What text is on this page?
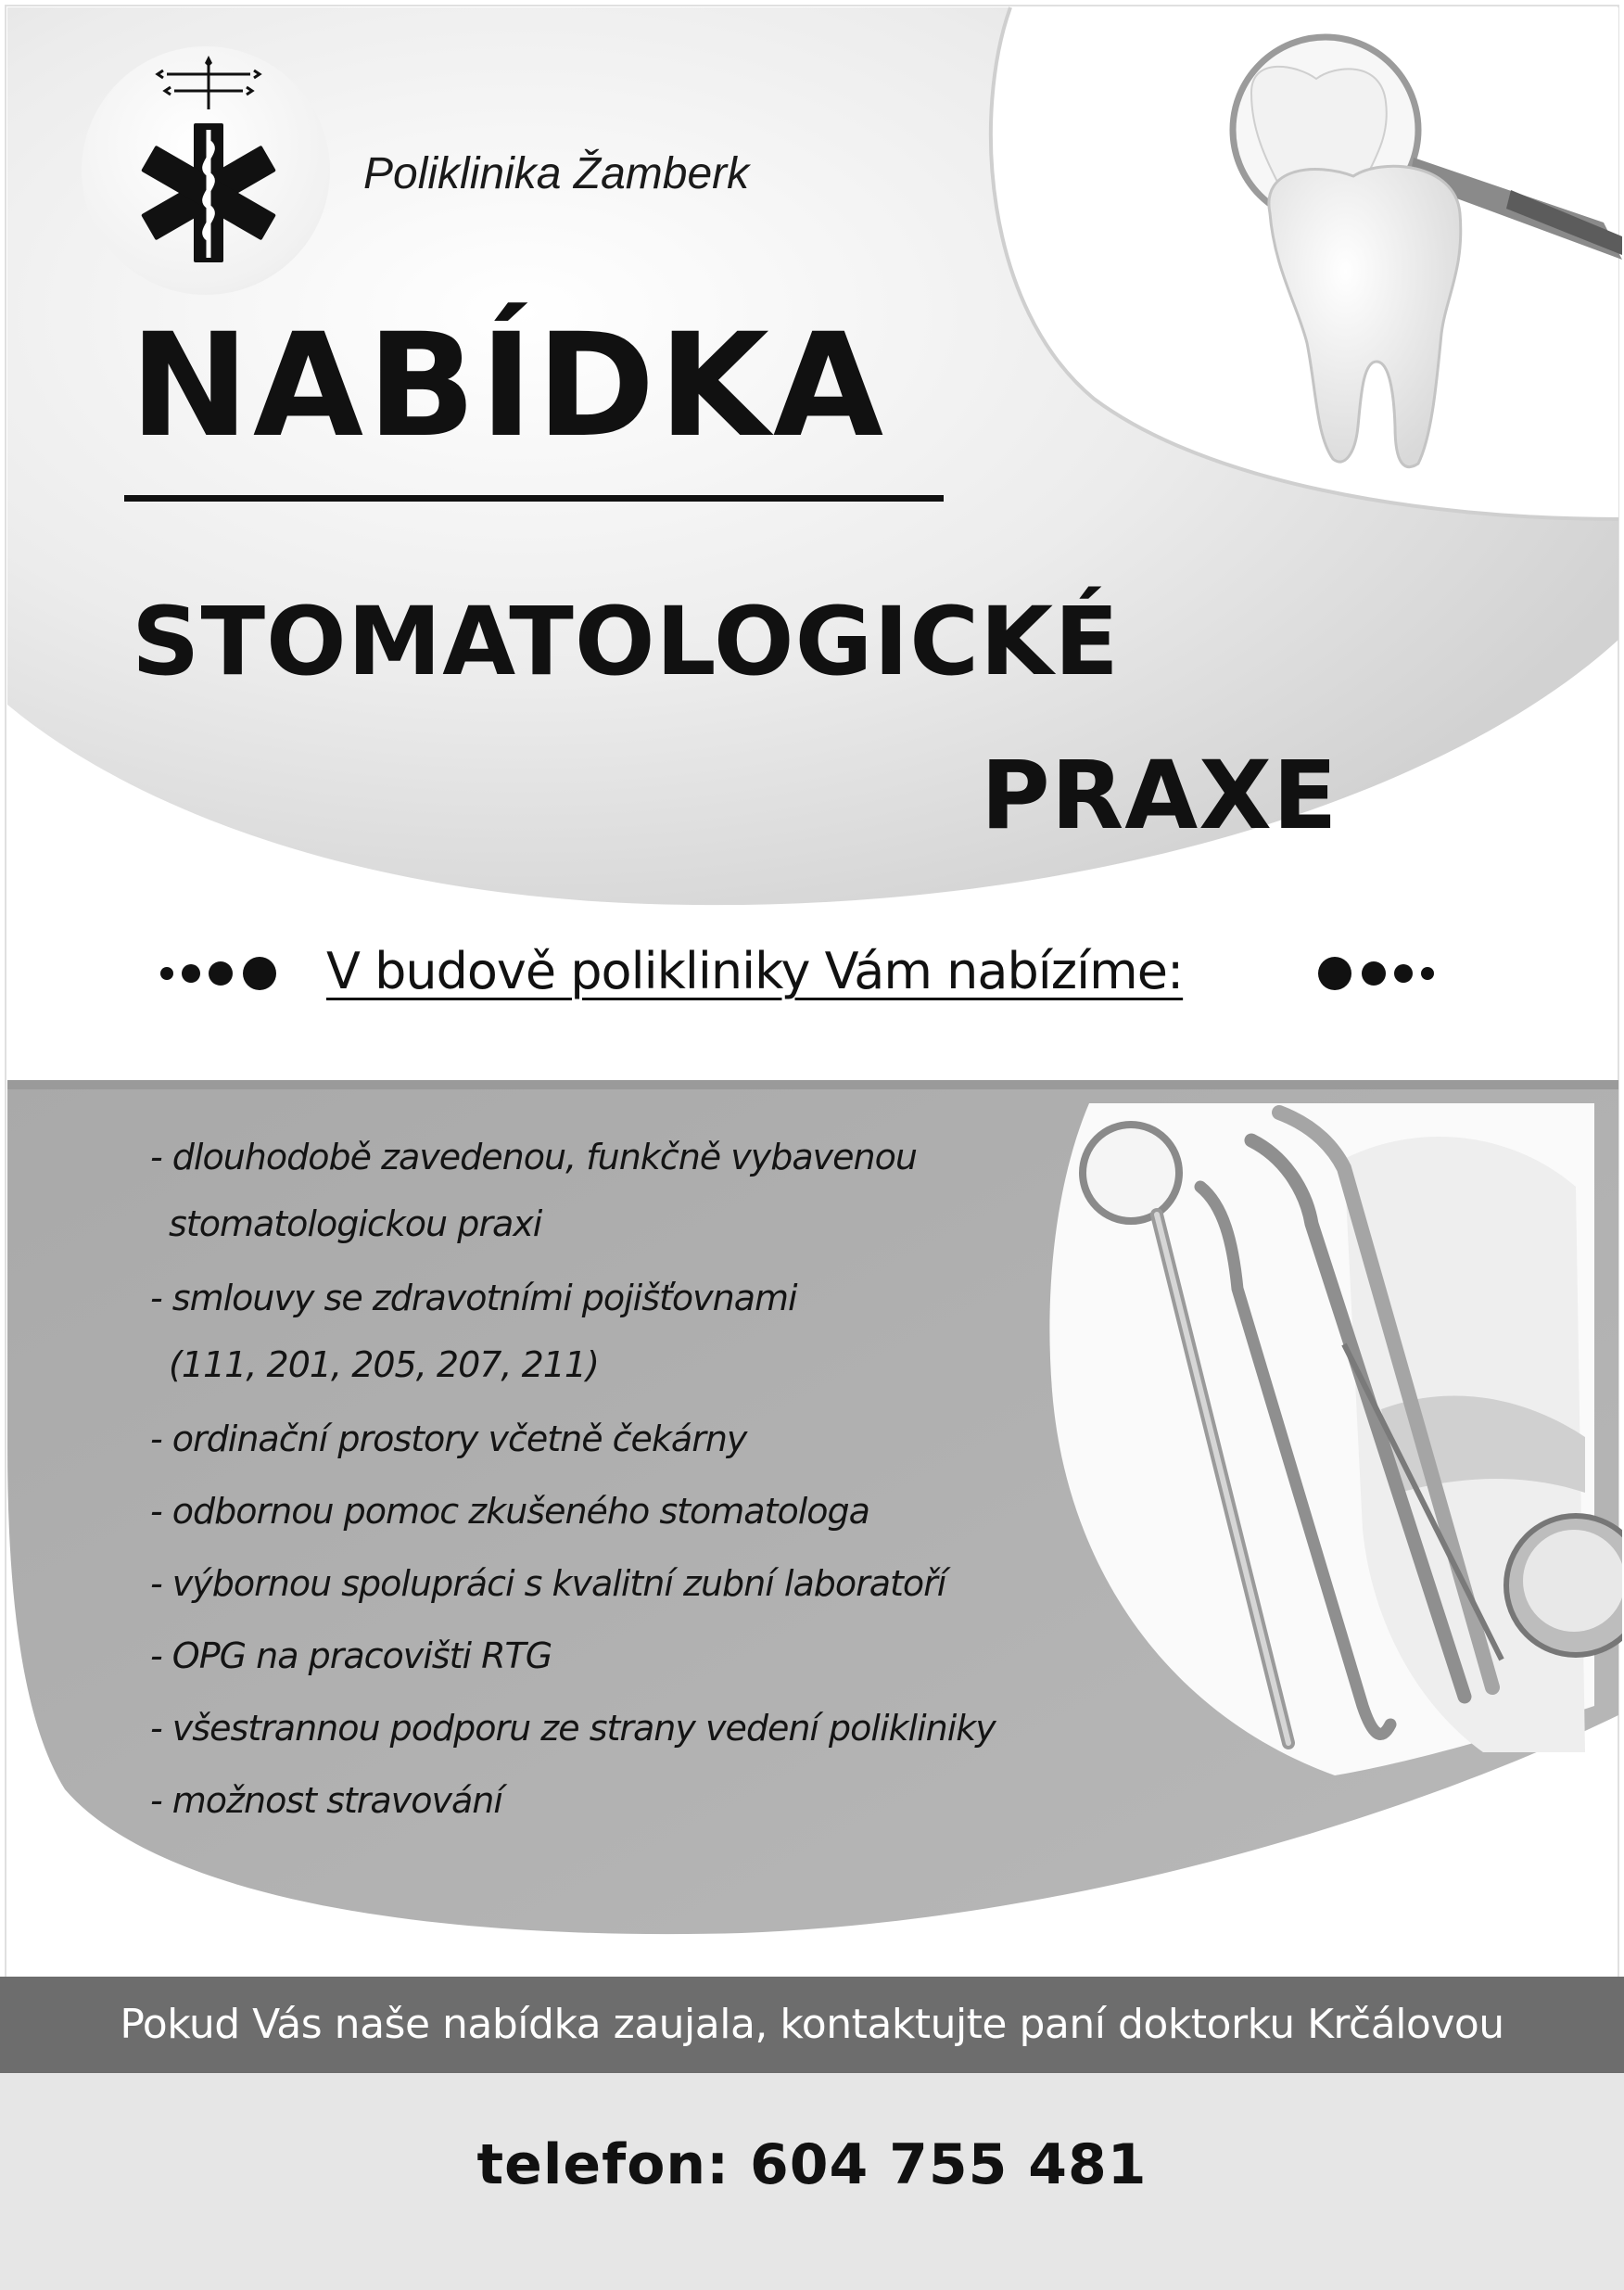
Poliklinika Žamberk
NABÍDKA
STOMATOLOGICKÉ
PRAXE
V budově polikliniky Vám nabízíme:
- dlouhodobě zavedenou, funkčně vybavenou
stomatologickou praxi
- smlouvy se zdravotními pojišťovnami
(111, 201, 205, 207, 211)
- ordinační prostory včetně čekárny
- odbornou pomoc zkušeného stomatologa
- výbornou spolupráci s kvalitní zubní laboratoří
- OPG na pracovišti RTG
- všestrannou podporu ze strany vedení polikliniky
- možnost stravování
Pokud Vás naše nabídka zaujala, kontaktujte paní doktorku Krčálovou
telefon: 604 755 481
